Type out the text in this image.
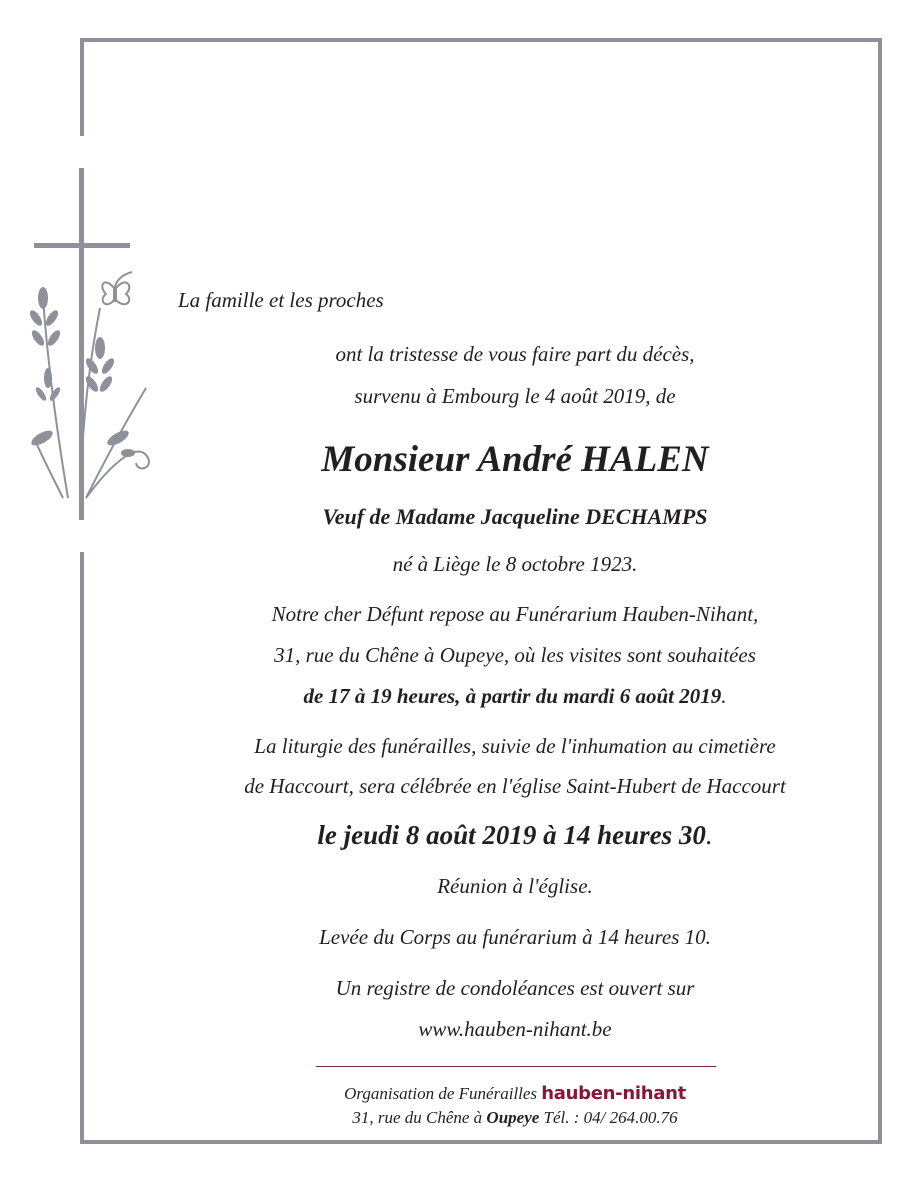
La famille et les proches
ont la tristesse de vous faire part du décès,
survenu à Embourg le 4 août 2019, de
Monsieur André HALEN
Veuf de Madame Jacqueline DECHAMPS
né à Liège le 8 octobre 1923.
Notre cher Défunt repose au Funérarium Hauben-Nihant,
31, rue du Chêne à Oupeye, où les visites sont souhaitées
de 17 à 19 heures, à partir du mardi 6 août 2019.
La liturgie des funérailles, suivie de l'inhumation au cimetière
de Haccourt, sera célébrée en l'église Saint-Hubert de Haccourt
le jeudi 8 août 2019 à 14 heures 30.
Réunion à l'église.
Levée du Corps au funérarium à 14 heures 10.
Un registre de condoléances est ouvert sur
www.hauben-nihant.be
Organisation de Funérailles hauben-nihant
31, rue du Chêne à Oupeye Tél. : 04/ 264.00.76
